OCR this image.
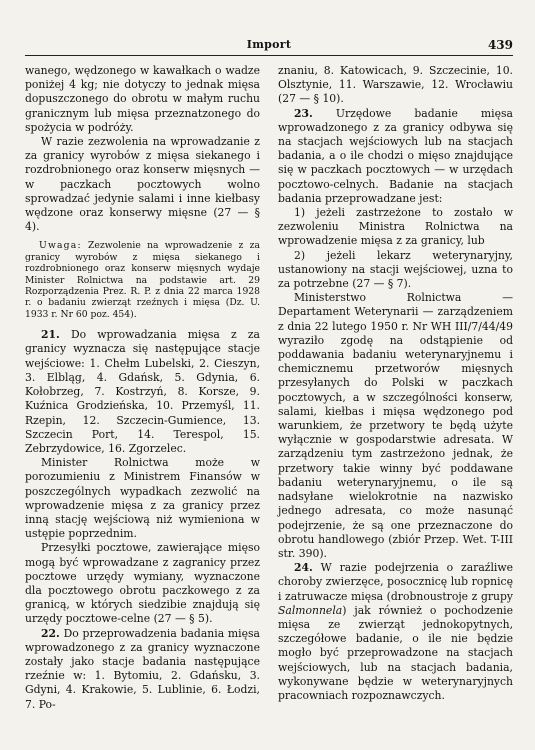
Import	439

wanego, wędzonego w kawałkach o wadze poniżej 4 kg; nie dotyczy to jednak mięsa dopuszczonego do obrotu w małym ruchu granicznym lub mięsa przeznatzonego do spożycia w podróży.

W razie zezwolenia na wprowadzanie z za granicy wyrobów z mięsa siekanego i rozdrobnionego oraz konserw mięsnych — w paczkach pocztowych wolno sprowadzać jedynie salami i inne kiełbasy wędzone oraz konserwy mięsne (27 — § 4).

Uwaga: Zezwolenie na wprowadzenie z za granicy wyrobów z mięsa siekanego i rozdrobnionego oraz konserw mięsnych wydaje Minister Rolnictwa na podstawie art. 29 Rozporządzenia Prez. R. P. z dnia 22 marca 1928 r. o badaniu zwierząt rzeźnych i mięsa (Dz. U. 1933 r. Nr 60 poz. 454).

21. Do wprowadzania mięsa z za granicy wyznacza się następujące stacje wejściowe: 1. Chełm Lubelski, 2. Cieszyn, 3. Elbląg, 4. Gdańsk, 5. Gdynia, 6. Kołobrzeg, 7. Kostrzyń, 8. Korsze, 9. Kuźnica Grodzieńska, 10. Przemyśl, 11. Rzepin, 12. Szczecin-Gumience, 13. Szczecin Port, 14. Terespol, 15. Zebrzydowice, 16. Zgorzelec.

Minister Rolnictwa może w porozumieniu z Ministrem Finansów w poszczególnych wypadkach zezwolić na wprowadzenie mięsa z za granicy przez inną stację wejściową niż wymieniona w ustępie poprzednim.

Przesyłki pocztowe, zawierające mięso mogą być wprowadzane z zagranicy przez pocztowe urzędy wymiany, wyznaczone dla pocztowego obrotu paczkowego z za granicą, w których siedzibie znajdują się urzędy pocztowe-celne (27 — § 5).

22. Do przeprowadzenia badania mięsa wprowadzonego z za granicy wyznaczone zostały jako stacje badania następujące rzeźnie w: 1. Bytomiu, 2. Gdańsku, 3. Gdyni, 4. Krakowie, 5. Lublinie, 6. Łodzi, 7. Po-

znaniu, 8. Katowicach, 9. Szczecinie, 10. Olsztynie, 11. Warszawie, 12. Wrocławiu (27 — § 10).

23. Urzędowe badanie mięsa wprowadzonego z za granicy odbywa się na stacjach wejściowych lub na stacjach badania, a o ile chodzi o mięso znajdujące się w paczkach pocztowych — w urzędach pocztowo-celnych. Badanie na stacjach badania przeprowadzane jest:

1) jeżeli zastrzeżone to zostało w zezwoleniu Ministra Rolnictwa na wprowadzenie mięsa z za granicy, lub

2) jeżeli lekarz weterynaryjny, ustanowiony na stacji wejściowej, uzna to za potrzebne (27 — § 7).

Ministerstwo Rolnictwa — Departament Weterynarii — zarządzeniem z dnia 22 lutego 1950 r. Nr WH III/7/44/49 wyraziło zgodę na odstąpienie od poddawania badaniu weterynaryjnemu i chemicznemu przetworów mięsnych przesyłanych do Polski w paczkach pocztowych, a w szczególności konserw, salami, kiełbas i mięsa wędzonego pod warunkiem, że przetwory te będą użyte wyłącznie w gospodarstwie adresata. W zarządzeniu tym zastrzeżono jednak, że przetwory takie winny być poddawane badaniu weterynaryjnemu, o ile są nadsyłane wielokrotnie na nazwisko jednego adresata, co może nasunąć podejrzenie, że są one przeznaczone do obrotu handlowego (zbiór Przep. Wet. T-III str. 390).

24. W razie podejrzenia o zaraźliwe choroby zwierzęce, posocznicę lub ropnicę i zatruwacze mięsa (drobnoustroje z grupy Salmonnela) jak również o pochodzenie mięsa ze zwierząt jednokopytnych, szczegółowe badanie, o ile nie będzie mogło być przeprowadzone na stacjach wejściowych, lub na stacjach badania, wykonywane będzie w weterynaryjnych pracowniach rozpoznawczych.
